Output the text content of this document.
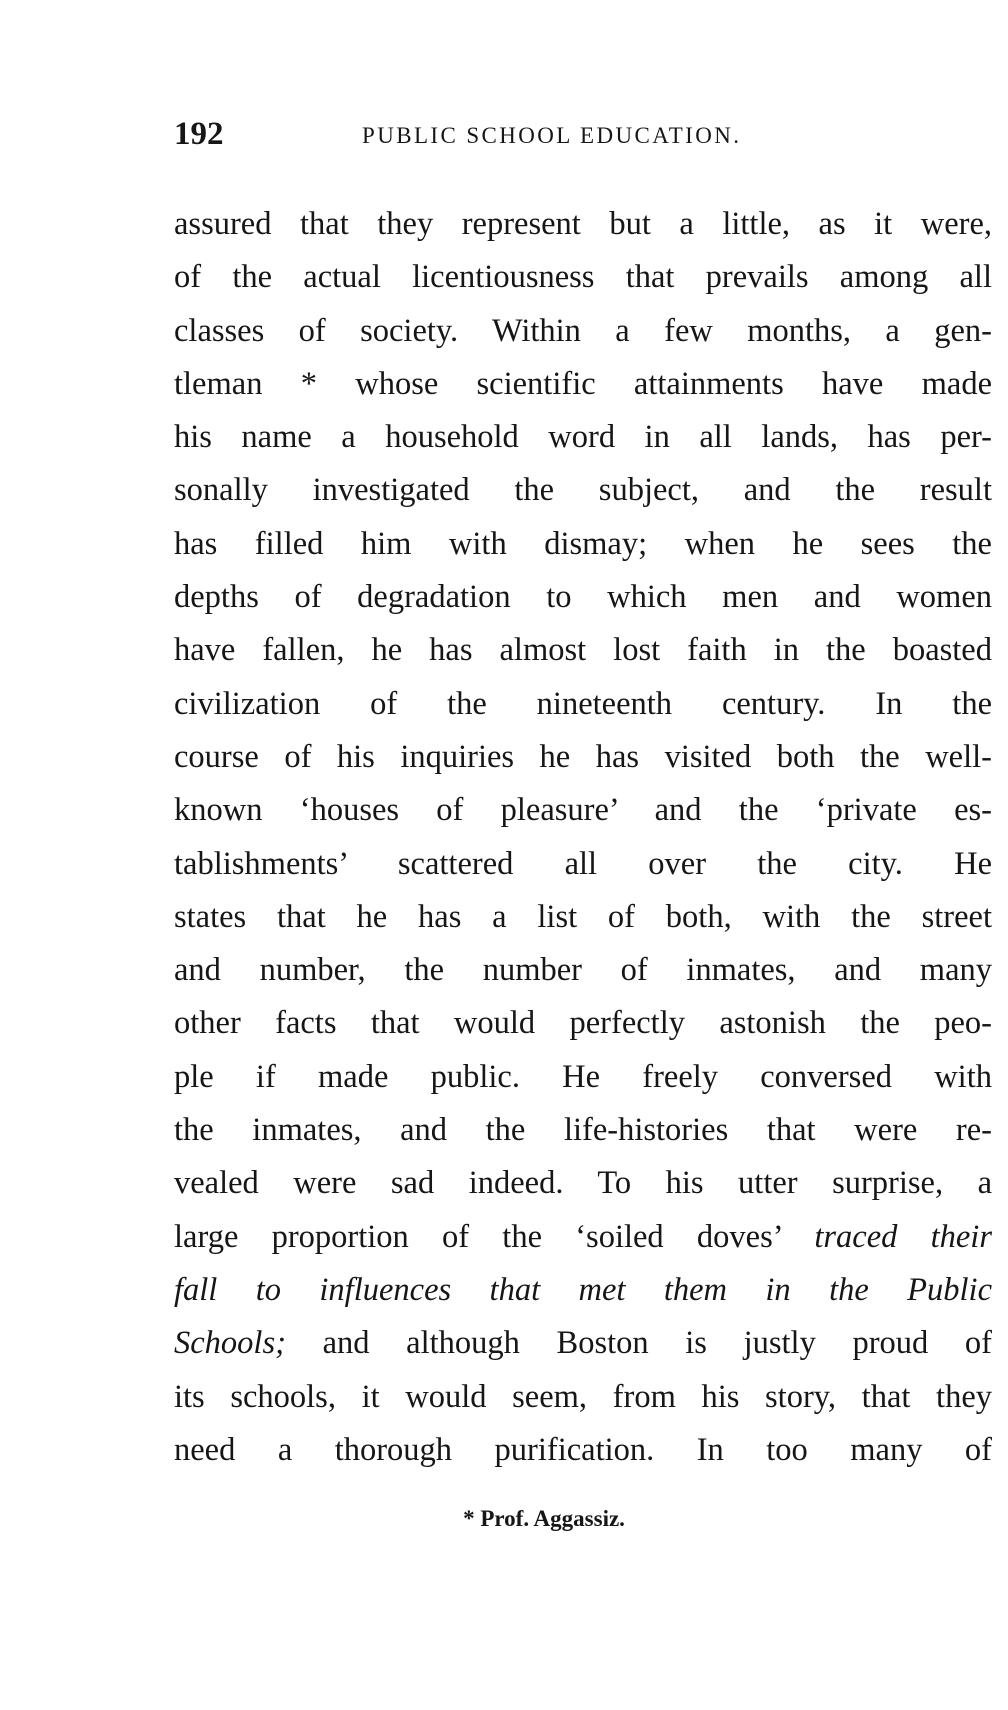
192	PUBLIC SCHOOL EDUCATION.
assured that they represent but a little, as it were,
of the actual licentiousness that prevails among all
classes of society. Within a few months, a gen-
tleman * whose scientific attainments have made
his name a household word in all lands, has per-
sonally investigated the subject, and the result
has filled him with dismay; when he sees the
depths of degradation to which men and women
have fallen, he has almost lost faith in the boasted
civilization of the nineteenth century. In the
course of his inquiries he has visited both the well-
known ‘houses of pleasure’ and the ‘private es-
tablishments’ scattered all over the city. He
states that he has a list of both, with the street
and number, the number of inmates, and many
other facts that would perfectly astonish the peo-
ple if made public. He freely conversed with
the inmates, and the life-histories that were re-
vealed were sad indeed. To his utter surprise, a
large proportion of the ‘soiled doves’ traced their
fall to influences that met them in the Public
Schools; and although Boston is justly proud of
its schools, it would seem, from his story, that they
need a thorough purification. In too many of
* Prof. Aggassiz.
